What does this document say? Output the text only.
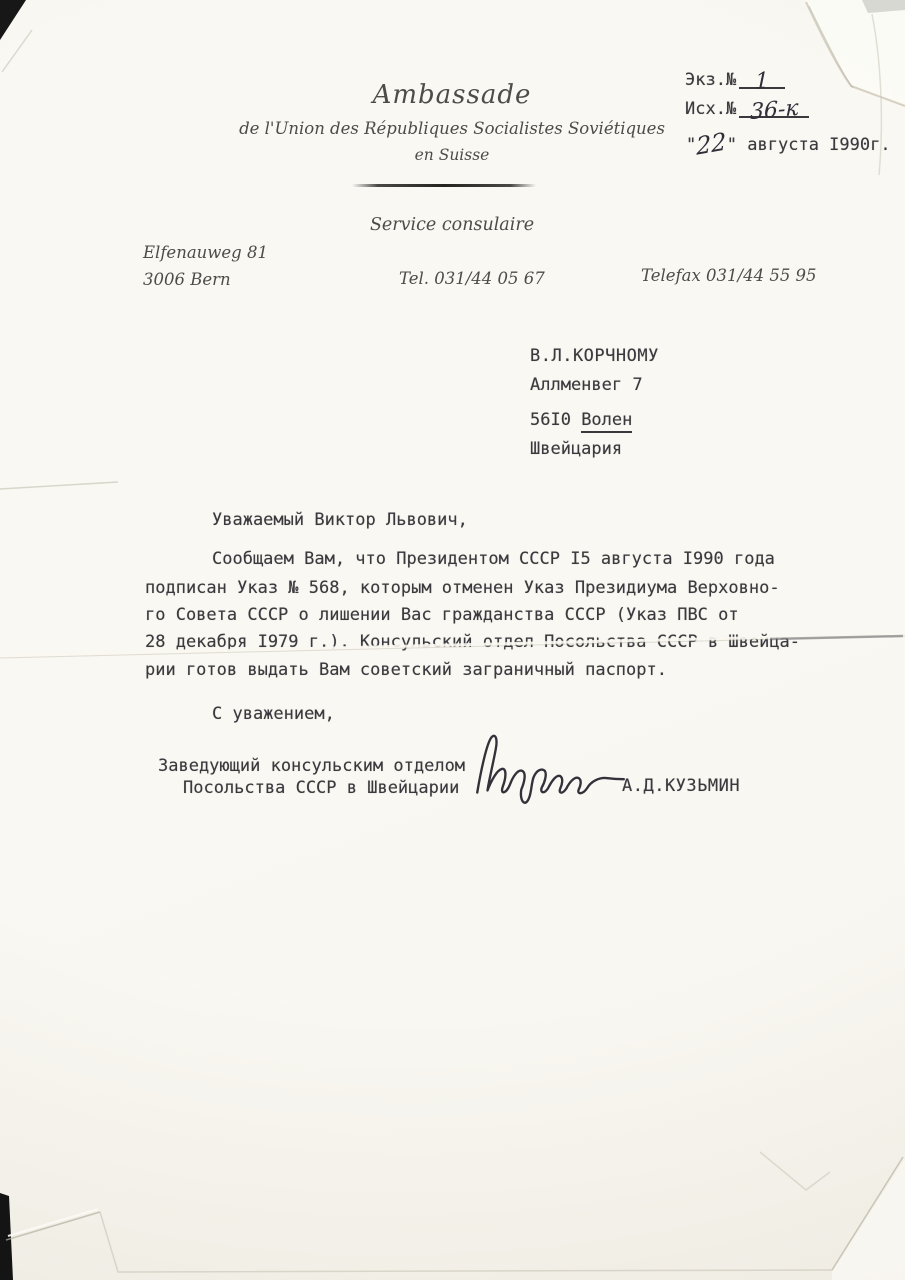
Экз.№ 1
Исх.№ 36-к
"22" августа I990г.
Ambassade
de l'Union des Républiques Socialistes Soviétiques
en Suisse
Service consulaire
Elfenauweg 81
3006 Bern	Tel. 031/44 05 67	Telefax 031/44 55 95
В.Л.КОРЧНОМУ
Аллменвег 7
56I0 Волен
Швейцария
Уважаемый Виктор Львович,
Сообщаем Вам, что Президентом СССР I5 августа I990 года
подписан Указ № 568, которым отменен Указ Президиума Верховно-
го Совета СССР о лишении Вас гражданства СССР (Указ ПВС от
28 декабря I979 г.). Консульский отдел Посольства СССР в Швейца-
рии готов выдать Вам советский заграничный паспорт.
С уважением,
Заведующий консульским отделом
Посольства СССР в Швейцарии	А.Д.КУЗЬМИН
